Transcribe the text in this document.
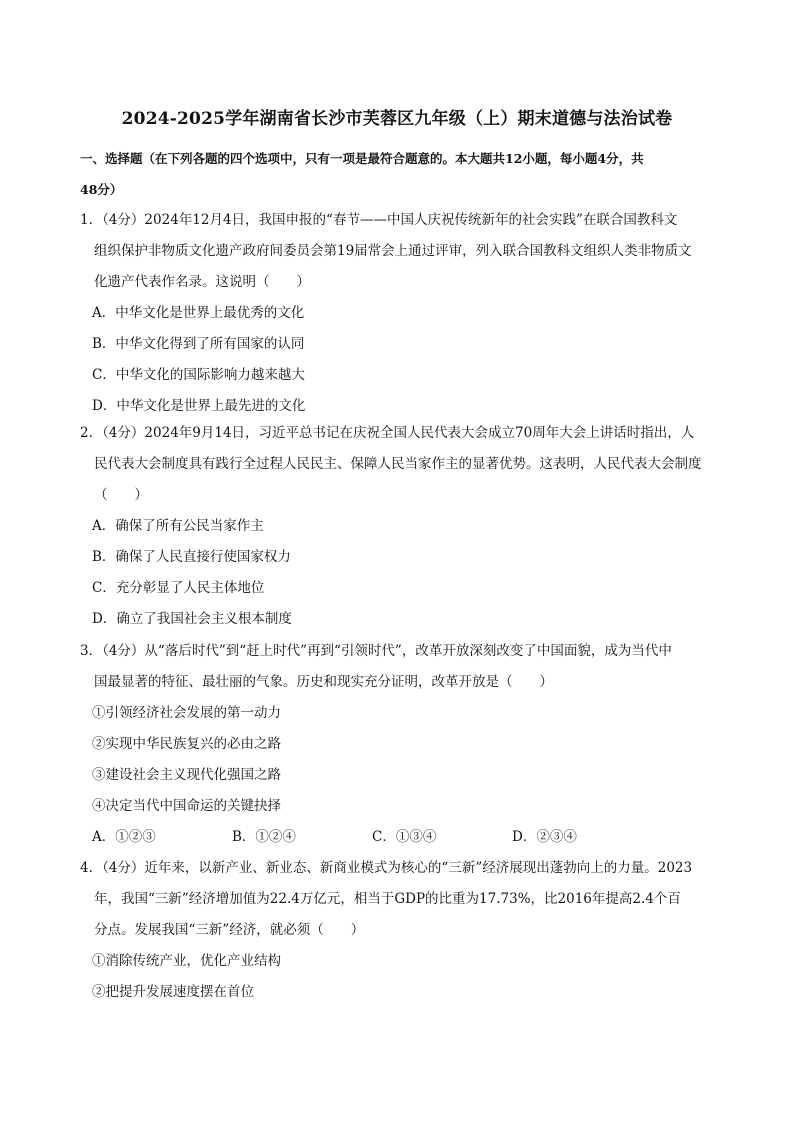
2024-2025学年湖南省长沙市芙蓉区九年级（上）期末道德与法治试卷
一、选择题（在下列各题的四个选项中，只有一项是最符合题意的。本大题共12小题，每小题4分，共
48分）
1．（4分）2024年12月4日，我国申报的“春节——中国人庆祝传统新年的社会实践”在联合国教科文
组织保护非物质文化遗产政府间委员会第19届常会上通过评审，列入联合国教科文组织人类非物质文
化遗产代表作名录。这说明（　　）
A．中华文化是世界上最优秀的文化
B．中华文化得到了所有国家的认同
C．中华文化的国际影响力越来越大
D．中华文化是世界上最先进的文化
2．（4分）2024年9月14日，习近平总书记在庆祝全国人民代表大会成立70周年大会上讲话时指出，人
民代表大会制度具有践行全过程人民民主、保障人民当家作主的显著优势。这表明，人民代表大会制度
（　　）
A．确保了所有公民当家作主
B．确保了人民直接行使国家权力
C．充分彰显了人民主体地位
D．确立了我国社会主义根本制度
3．（4分）从“落后时代”到“赶上时代”再到“引领时代”，改革开放深刻改变了中国面貌，成为当代中
国最显著的特征、最壮丽的气象。历史和现实充分证明，改革开放是（　　）
①引领经济社会发展的第一动力
②实现中华民族复兴的必由之路
③建设社会主义现代化强国之路
④决定当代中国命运的关键抉择
A．①②③	B．①②④	C．①③④	D．②③④
4．（4分）近年来，以新产业、新业态、新商业模式为核心的“三新”经济展现出蓬勃向上的力量。2023
年，我国“三新”经济增加值为22.4万亿元，相当于GDP的比重为17.73%，比2016年提高2.4个百
分点。发展我国“三新”经济，就必须（　　）
①消除传统产业，优化产业结构
②把提升发展速度摆在首位
